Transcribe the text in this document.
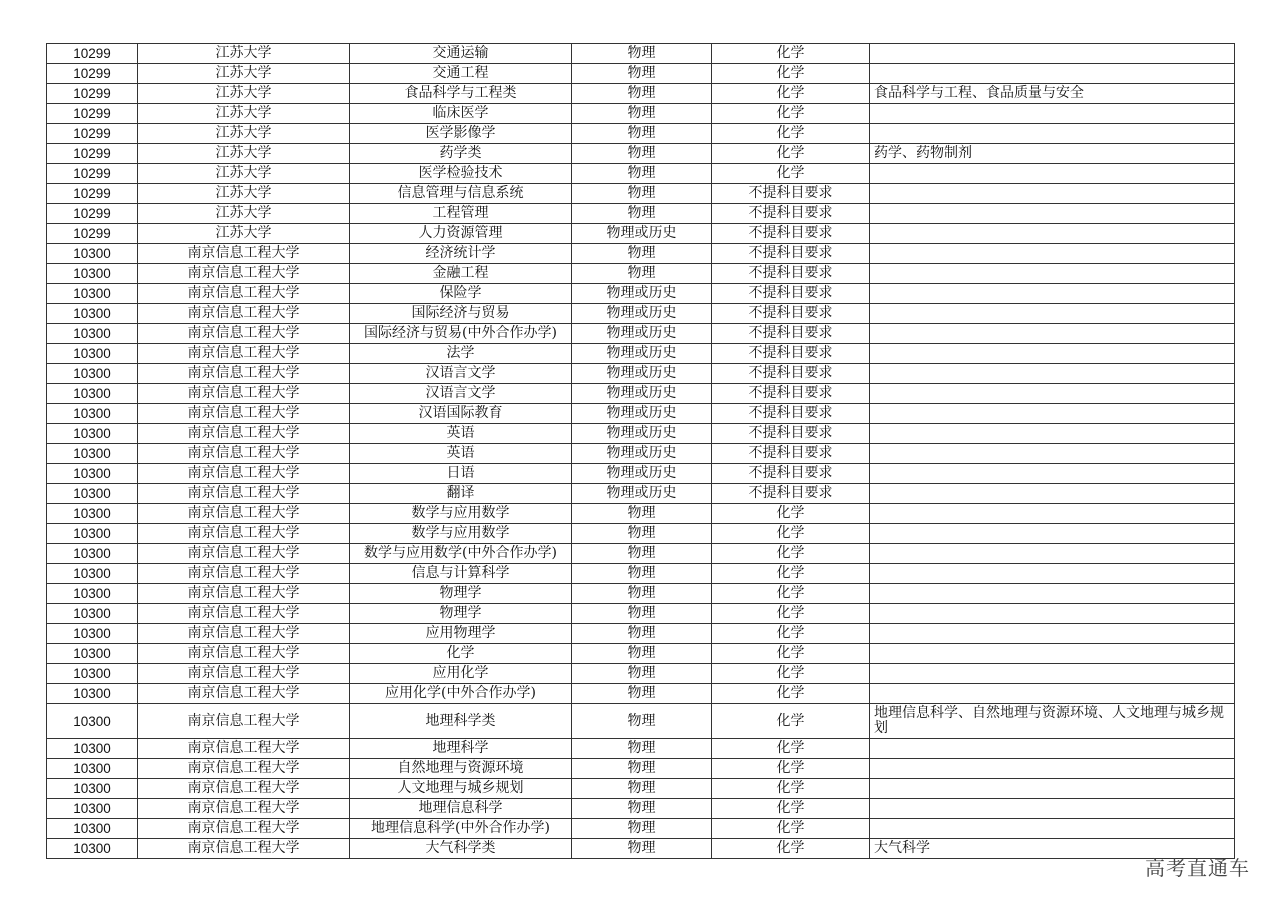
10299	江苏大学	交通运输	物理	化学	
10299	江苏大学	交通工程	物理	化学	
10299	江苏大学	食品科学与工程类	物理	化学	食品科学与工程、食品质量与安全
10299	江苏大学	临床医学	物理	化学	
10299	江苏大学	医学影像学	物理	化学	
10299	江苏大学	药学类	物理	化学	药学、药物制剂
10299	江苏大学	医学检验技术	物理	化学	
10299	江苏大学	信息管理与信息系统	物理	不提科目要求	
10299	江苏大学	工程管理	物理	不提科目要求	
10299	江苏大学	人力资源管理	物理或历史	不提科目要求	
10300	南京信息工程大学	经济统计学	物理	不提科目要求	
10300	南京信息工程大学	金融工程	物理	不提科目要求	
10300	南京信息工程大学	保险学	物理或历史	不提科目要求	
10300	南京信息工程大学	国际经济与贸易	物理或历史	不提科目要求	
10300	南京信息工程大学	国际经济与贸易(中外合作办学)	物理或历史	不提科目要求	
10300	南京信息工程大学	法学	物理或历史	不提科目要求	
10300	南京信息工程大学	汉语言文学	物理或历史	不提科目要求	
10300	南京信息工程大学	汉语言文学	物理或历史	不提科目要求	
10300	南京信息工程大学	汉语国际教育	物理或历史	不提科目要求	
10300	南京信息工程大学	英语	物理或历史	不提科目要求	
10300	南京信息工程大学	英语	物理或历史	不提科目要求	
10300	南京信息工程大学	日语	物理或历史	不提科目要求	
10300	南京信息工程大学	翻译	物理或历史	不提科目要求	
10300	南京信息工程大学	数学与应用数学	物理	化学	
10300	南京信息工程大学	数学与应用数学	物理	化学	
10300	南京信息工程大学	数学与应用数学(中外合作办学)	物理	化学	
10300	南京信息工程大学	信息与计算科学	物理	化学	
10300	南京信息工程大学	物理学	物理	化学	
10300	南京信息工程大学	物理学	物理	化学	
10300	南京信息工程大学	应用物理学	物理	化学	
10300	南京信息工程大学	化学	物理	化学	
10300	南京信息工程大学	应用化学	物理	化学	
10300	南京信息工程大学	应用化学(中外合作办学)	物理	化学	
10300	南京信息工程大学	地理科学类	物理	化学	地理信息科学、自然地理与资源环境、人文地理与城乡规划
10300	南京信息工程大学	地理科学	物理	化学	
10300	南京信息工程大学	自然地理与资源环境	物理	化学	
10300	南京信息工程大学	人文地理与城乡规划	物理	化学	
10300	南京信息工程大学	地理信息科学	物理	化学	
10300	南京信息工程大学	地理信息科学(中外合作办学)	物理	化学	
10300	南京信息工程大学	大气科学类	物理	化学	大气科学
高考直通车
